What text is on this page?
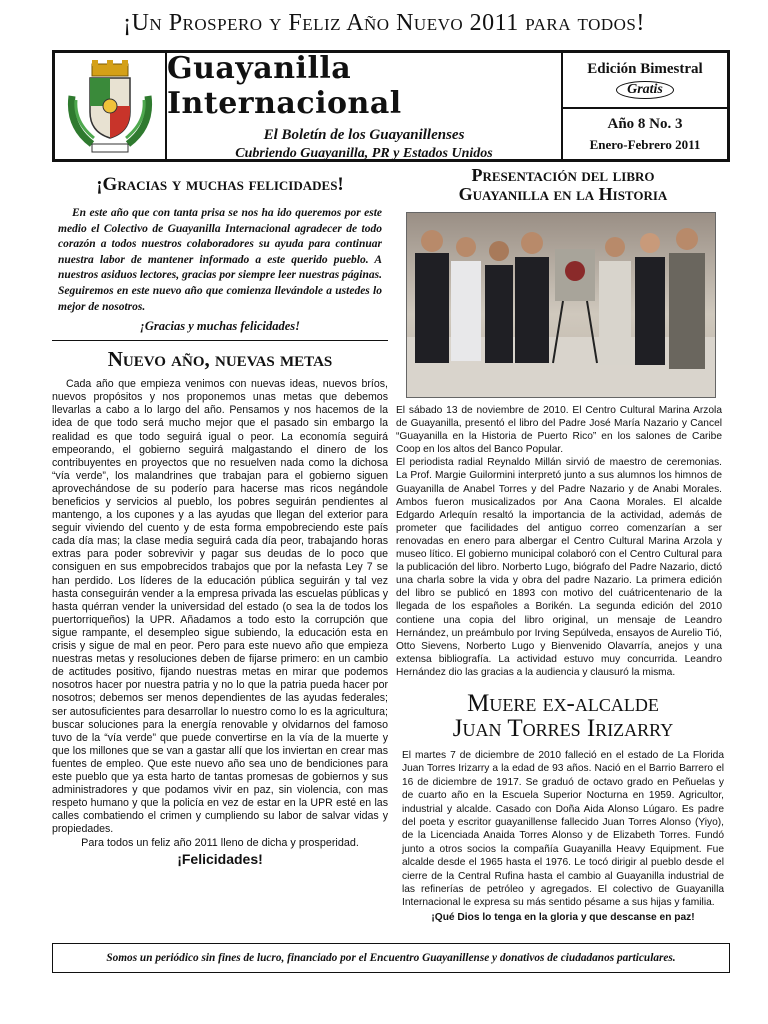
¡Un Prospero y Feliz Año Nuevo 2011 para todos!
Guayanilla Internacional
El Boletín de los Guayanillenses
Cubriendo Guayanilla, PR y Estados Unidos
Edición Bimestral
Gratis
Año 8 No. 3
Enero-Febrero 2011
¡Gracias y muchas felicidades!
En este año que con tanta prisa se nos ha ido queremos por este medio el Colectivo de Guayanilla Internacional agradecer de todo corazón a todos nuestros colaboradores su ayuda para continuar nuestra labor de mantener informado a este querido pueblo. A nuestros asiduos lectores, gracias por siempre leer nuestras páginas. Seguiremos en este nuevo año que comienza llevándole a ustedes lo mejor de nosotros.
¡Gracias y muchas felicidades!
Nuevo año, nuevas metas
Cada año que empieza venimos con nuevas ideas, nuevos bríos, nuevos propósitos y nos proponemos unas metas que debemos llevarlas a cabo a lo largo del año. Pensamos y nos hacemos de la idea de que todo será mucho mejor que el pasado sin embargo la realidad es que todo seguirá igual o peor. La economía seguirá empeorando, el gobierno seguirá malgastando el dinero de los contribuyentes en proyectos que no resuelven nada como la dichosa “vía verde”, los malandrines que trabajan para el gobierno siguen aprovechándose de su poderío para hacerse mas ricos negándole beneficios y servicios al pueblo, los pobres seguirán pendientes al mantengo, a los cupones y a las ayudas que llegan del exterior para seguir viviendo del cuento y de esta forma empobreciendo este país cada día mas; la clase media seguirá cada día peor, trabajando horas extras para poder sobrevivir y pagar sus deudas de lo poco que consiguen en sus empobrecidos trabajos que por la nefasta Ley 7 se han perdido. Los líderes de la educación pública seguirán y tal vez hasta conseguirán vender a la empresa privada las escuelas públicas y hasta quérran vender la universidad del estado (o sea la de todos los puertorriqueños) la UPR. Añadamos a todo esto la corrupción que sigue rampante, el desempleo sigue subiendo, la educación esta en crisis y sigue de mal en peor. Pero para este nuevo año que empieza nuestras metas y resoluciones deben de fijarse primero: en un cambio de actitudes positivo, fijando nuestras metas en mirar que podemos nosotros hacer por nuestra patria y no lo que la patria pueda hacer por nosotros; debemos ser menos dependientes de las ayudas federales; ser autosuficientes para desarrollar lo nuestro como lo es la agricultura; buscar soluciones para la energía renovable y olvidarnos del famoso tuvo de la “vía verde” que puede convertirse en la vía de la muerte y que los millones que se van a gastar allí que los inviertan en crear mas fuentes de empleo. Que este nuevo año sea uno de bendiciones para este pueblo que ya esta harto de tantas promesas de gobiernos y sus administradores y que podamos vivir en paz, sin violencia, con mas respeto humano y que la policía en vez de estar en la UPR esté en las calles combatiendo el crimen y cumpliendo su labor de salvar vidas y propiedades.
Para todos un feliz año 2011 lleno de dicha y prosperidad.
¡Felicidades!
Presentación del libro
Guayanilla en la Historia

El sábado 13 de noviembre de 2010. El Centro Cultural Marina Arzola de Guayanilla, presentó el libro del Padre José María Nazario y Cancel “Guayanilla en la Historia de Puerto Rico” en los salones de Caribe Coop en los altos del Banco Popular.

El periodista radial Reynaldo Millán sirvió de maestro de ceremonias. La Prof. Margie Guilormini interpretó junto a sus alumnos los himnos de Guayanilla de Anabel Torres y del Padre Nazario y de Anabi Morales. Ambos fueron musicalizados por Ana Caona Morales. El alcalde Edgardo Arlequín resaltó la importancia de la actividad, además de prometer que facilidades del antiguo correo comenzarían a ser renovadas en enero para albergar el Centro Cultural Marina Arzola y museo lítico. El gobierno municipal colaboró con el Centro Cultural para la publicación del libro. Norberto Lugo, biógrafo del Padre Nazario, dictó una charla sobre la vida y obra del padre Nazario. La primera edición del libro se publicó en 1893 con motivo del cuátricentenario de la llegada de los españoles a Borikén. La segunda edición del 2010 contiene una copia del libro original, un mensaje de Leandro Hernández, un preámbulo por Irving Sepúlveda, ensayos de Aurelio Tió, Otto Sievens, Norberto Lugo y Bienvenido Olavarría, anejos y una extensa bibliografía. La actividad estuvo muy concurrida. Leandro Hernández dio las gracias a la audiencia y clausuró la misma.

Muere ex-alcalde
Juan Torres Irizarry
El martes 7 de diciembre de 2010 falleció en el estado de La Florida Juan Torres Irizarry a la edad de 93 años. Nació en el Barrio Barrero el 16 de diciembre de 1917. Se graduó de octavo grado en Peñuelas y de cuarto año en la Escuela Superior Nocturna en 1959. Agricultor, industrial y alcalde. Casado con Doña Aida Alonso Lúgaro. Es padre del poeta y escritor guayanillense fallecido Juan Torres Alonso (Yiyo), de la Licenciada Anaida Torres Alonso y de Elizabeth Torres. Fundó junto a otros socios la compañía Guayanilla Heavy Equipment. Fue alcalde desde el 1965 hasta el 1976. Le tocó dirigir al pueblo desde el cierre de la Central Rufina hasta el cambio al Guayanilla industrial de las refinerías de petróleo y agregados. El colectivo de Guayanilla Internacional le expresa su más sentido pésame a sus hijas y familia.
¡Qué Dios lo tenga en la gloria y que descanse en paz!
Somos un periódico sin fines de lucro, financiado por el Encuentro Guayanillense y donativos de ciudadanos particulares.
